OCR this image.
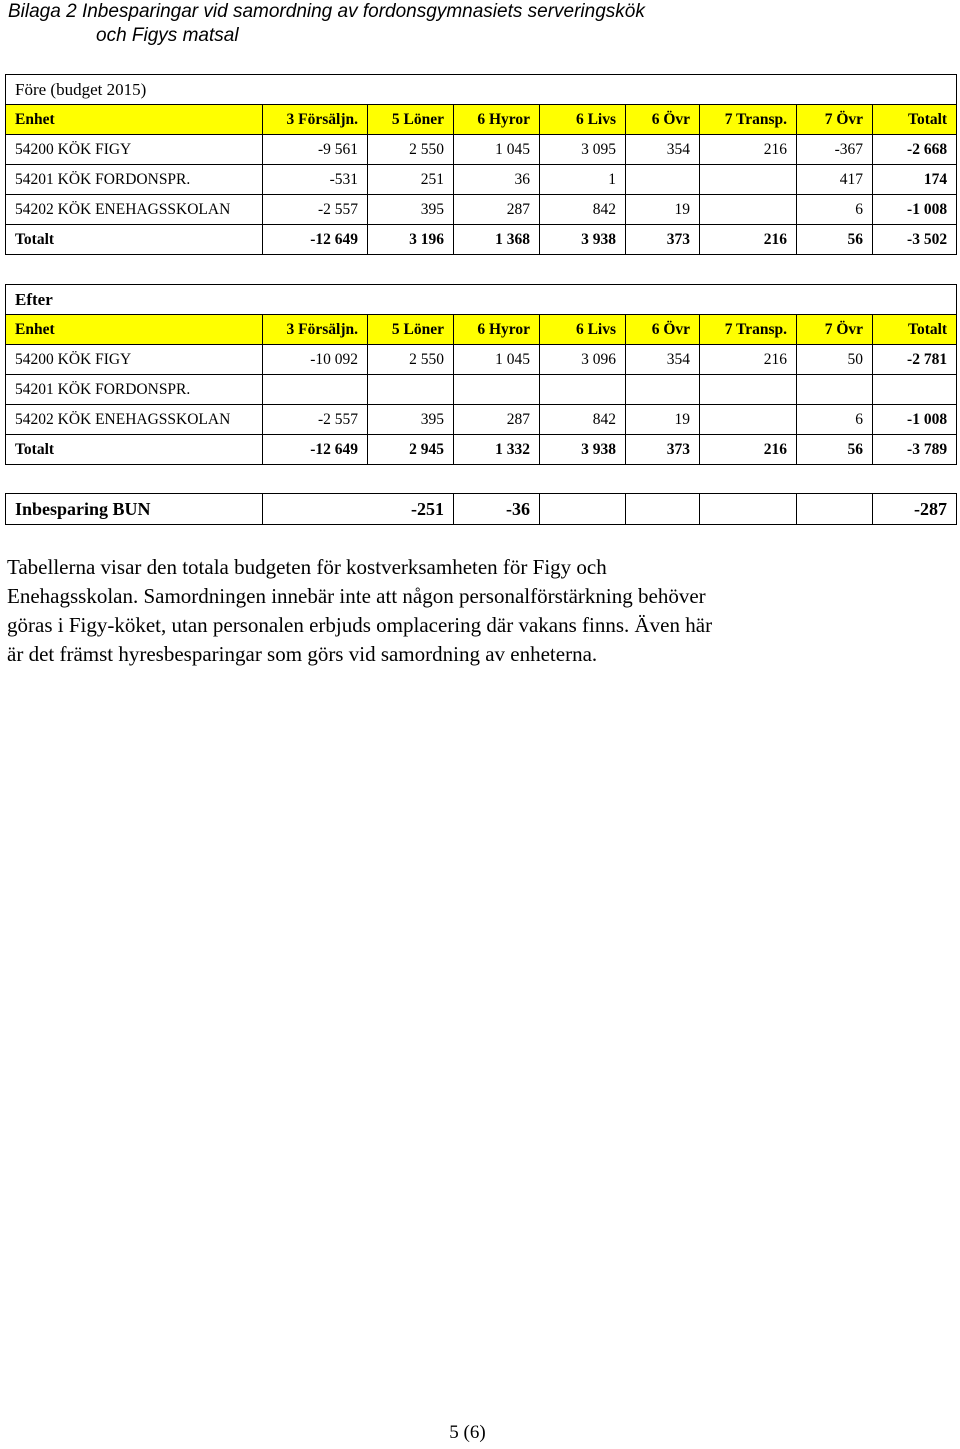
Bilaga 2 Inbesparingar vid samordning av fordonsgymnasiets serveringskök
och Figys matsal
Före (budget 2015)								
Enhet	3 Försäljn.	5 Löner	6 Hyror	6 Livs	6 Övr	7 Transp.	7 Övr	Totalt
54200 KÖK FIGY	-9 561	2 550	1 045	3 095	354	216	-367	-2 668
54201 KÖK FORDONSPR.	-531	251	36	1			417	174
54202 KÖK ENEHAGSSKOLAN	-2 557	395	287	842	19		6	-1 008
Totalt	-12 649	3 196	1 368	3 938	373	216	56	-3 502
Efter								
Enhet	3 Försäljn.	5 Löner	6 Hyror	6 Livs	6 Övr	7 Transp.	7 Övr	Totalt
54200 KÖK FIGY	-10 092	2 550	1 045	3 096	354	216	50	-2 781
54201 KÖK FORDONSPR.								
54202 KÖK ENEHAGSSKOLAN	-2 557	395	287	842	19		6	-1 008
Totalt	-12 649	2 945	1 332	3 938	373	216	56	-3 789
Inbesparing BUN	-251	-36					-287
Tabellerna visar den totala budgeten för kostverksamheten för Figy och
Enehagsskolan. Samordningen innebär inte att någon personalförstärkning behöver
göras i Figy-köket, utan personalen erbjuds omplacering där vakans finns. Även här
är det främst hyresbesparingar som görs vid samordning av enheterna.
5 (6)
